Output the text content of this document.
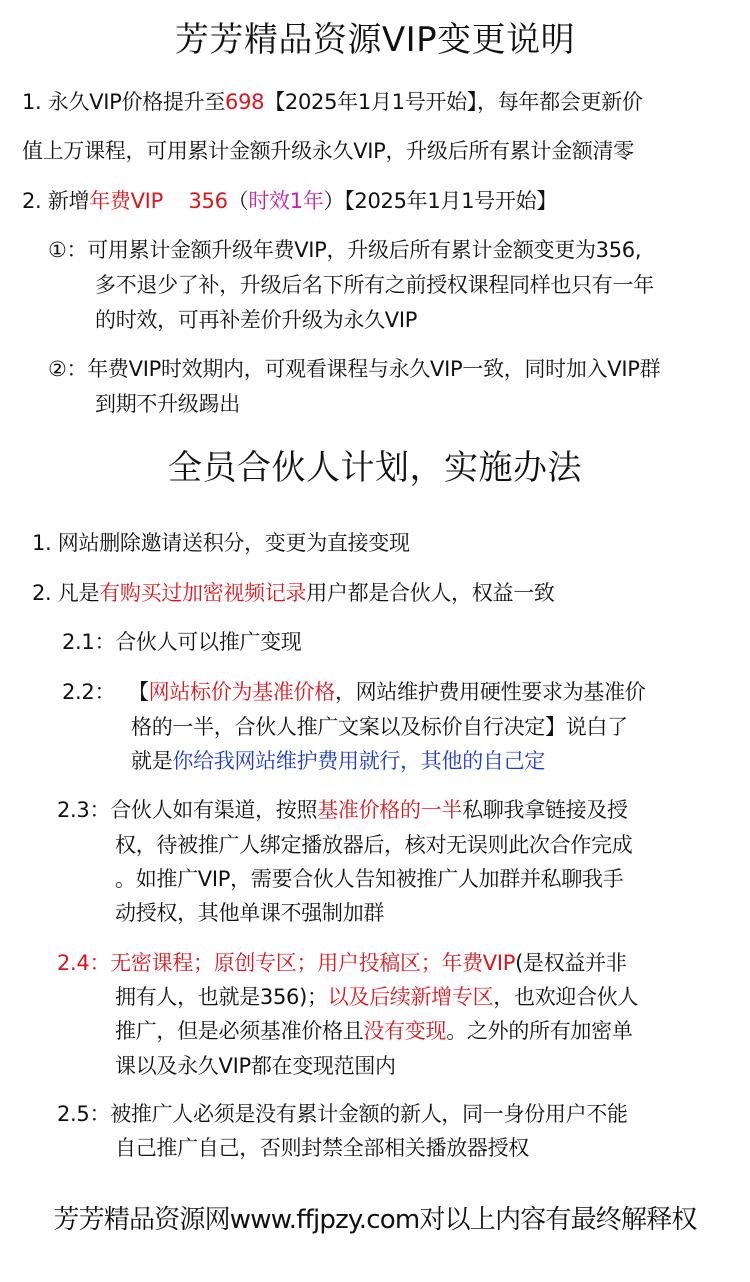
芳芳精品资源VIP变更说明
1. 永久VIP价格提升至698【2025年1月1号开始】，每年都会更新价
值上万课程，可用累计金额升级永久VIP，升级后所有累计金额清零
2. 新增年费VIP 356（时效1年）【2025年1月1号开始】
①：可用累计金额升级年费VIP，升级后所有累计金额变更为356,
多不退少了补，升级后名下所有之前授权课程同样也只有一年
的时效，可再补差价升级为永久VIP
②：年费VIP时效期内，可观看课程与永久VIP一致，同时加入VIP群
到期不升级踢出
全员合伙人计划，实施办法
1. 网站删除邀请送积分，变更为直接变现
2. 凡是有购买过加密视频记录用户都是合伙人，权益一致
2.1：合伙人可以推广变现
2.2：  【网站标价为基准价格，网站维护费用硬性要求为基准价
格的一半，合伙人推广文案以及标价自行决定】说白了
就是你给我网站维护费用就行，其他的自己定
2.3：合伙人如有渠道，按照基准价格的一半私聊我拿链接及授
权，待被推广人绑定播放器后，核对无误则此次合作完成
。如推广VIP，需要合伙人告知被推广人加群并私聊我手
动授权，其他单课不强制加群
2.4：无密课程；原创专区；用户投稿区；年费VIP(是权益并非
拥有人，也就是356)；以及后续新增专区，也欢迎合伙人
推广，但是必须基准价格且没有变现。之外的所有加密单
课以及永久VIP都在变现范围内
2.5：被推广人必须是没有累计金额的新人，同一身份用户不能
自己推广自己，否则封禁全部相关播放器授权
芳芳精品资源网www.ffjpzy.com对以上内容有最终解释权
